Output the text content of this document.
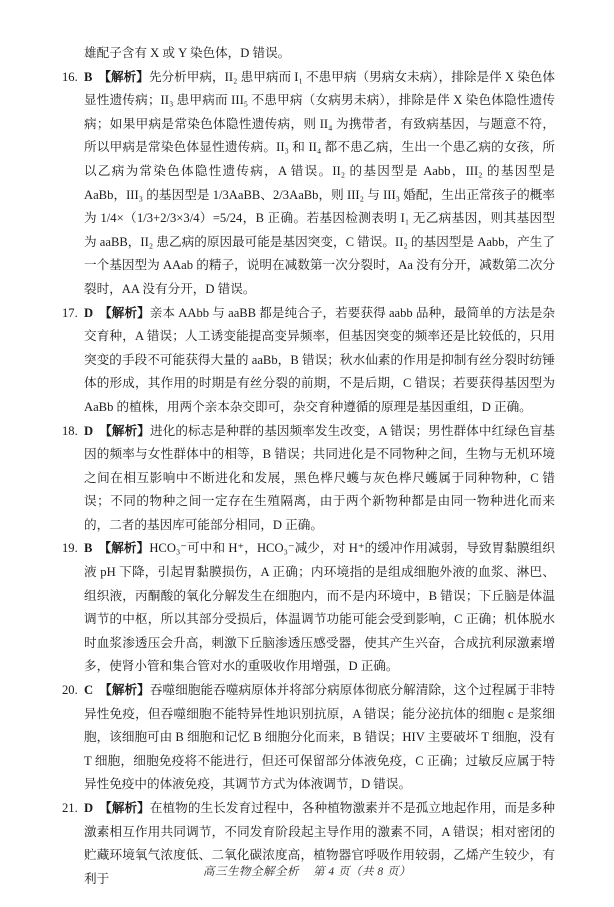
雄配子含有 X 或 Y 染色体，D 错误。

16. B 【解析】先分析甲病，II₂ 患甲病而 I₁ 不患甲病（男病女未病），排除是伴 X 染色体显性遗传病；II₃ 患甲病而 III₅ 不患甲病（女病男未病），排除是伴 X 染色体隐性遗传病；如果甲病是常染色体隐性遗传病，则 II₄ 为携带者，有致病基因，与题意不符，所以甲病是常染色体显性遗传病。II₃ 和 II₄ 都不患乙病，生出一个患乙病的女孩，所以乙病为常染色体隐性遗传病，A 错误。II₂ 的基因型是 Aabb，III₂ 的基因型是 AaBb，III₃ 的基因型是 1/3AaBB、2/3AaBb，则 III₂ 与 III₃ 婚配，生出正常孩子的概率为 1/4×（1/3+2/3×3/4）=5/24，B 正确。若基因检测表明 I₁ 无乙病基因，则其基因型为 aaBB，II₂ 患乙病的原因最可能是基因突变，C 错误。II₂ 的基因型是 Aabb，产生了一个基因型为 AAab 的精子，说明在减数第一次分裂时，Aa 没有分开，减数第二次分裂时，AA 没有分开，D 错误。
17. D 【解析】亲本 AAbb 与 aaBB 都是纯合子，若要获得 aabb 品种，最简单的方法是杂交育种，A 错误；人工诱变能提高变异频率，但基因突变的频率还是比较低的，只用突变的手段不可能获得大量的 aaBb，B 错误；秋水仙素的作用是抑制有丝分裂时纺锤体的形成，其作用的时期是有丝分裂的前期，不是后期，C 错误；若要获得基因型为 AaBb 的植株，用两个亲本杂交即可，杂交育种遵循的原理是基因重组，D 正确。
18. D 【解析】进化的标志是种群的基因频率发生改变，A 错误；男性群体中红绿色盲基因的频率与女性群体中的相等，B 错误；共同进化是不同物种之间，生物与无机环境之间在相互影响中不断进化和发展，黑色桦尺蠖与灰色桦尺蠖属于同种物种，C 错误；不同的物种之间一定存在生殖隔离，由于两个新物种都是由同一物种进化而来的，二者的基因库可能部分相同，D 正确。
19. B 【解析】HCO₃⁻可中和 H⁺，HCO₃⁻减少，对 H⁺的缓冲作用减弱，导致胃黏膜组织液 pH 下降，引起胃黏膜损伤，A 正确；内环境指的是组成细胞外液的血浆、淋巴、组织液，丙酮酸的氧化分解发生在细胞内，而不是内环境中，B 错误；下丘脑是体温调节的中枢，所以其部分受损后，体温调节功能可能会受到影响，C 正确；机体脱水时血浆渗透压会升高，刺激下丘脑渗透压感受器，使其产生兴奋，合成抗利尿激素增多，使肾小管和集合管对水的重吸收作用增强，D 正确。
20. C 【解析】吞噬细胞能吞噬病原体并将部分病原体彻底分解清除，这个过程属于非特异性免疫，但吞噬细胞不能特异性地识别抗原，A 错误；能分泌抗体的细胞 c 是浆细胞，该细胞可由 B 细胞和记忆 B 细胞分化而来，B 错误；HIV 主要破坏 T 细胞，没有 T 细胞，细胞免疫将不能进行，但还可保留部分体液免疫，C 正确；过敏反应属于特异性免疫中的体液免疫，其调节方式为体液调节，D 错误。
21. D 【解析】在植物的生长发育过程中，各种植物激素并不是孤立地起作用，而是多种激素相互作用共同调节，不同发育阶段起主导作用的激素不同，A 错误；相对密闭的贮藏环境氧气浓度低、二氧化碳浓度高，植物器官呼吸作用较弱，乙烯产生较少，有利于	高三生物全解全析 第 4 页（共 8 页）
